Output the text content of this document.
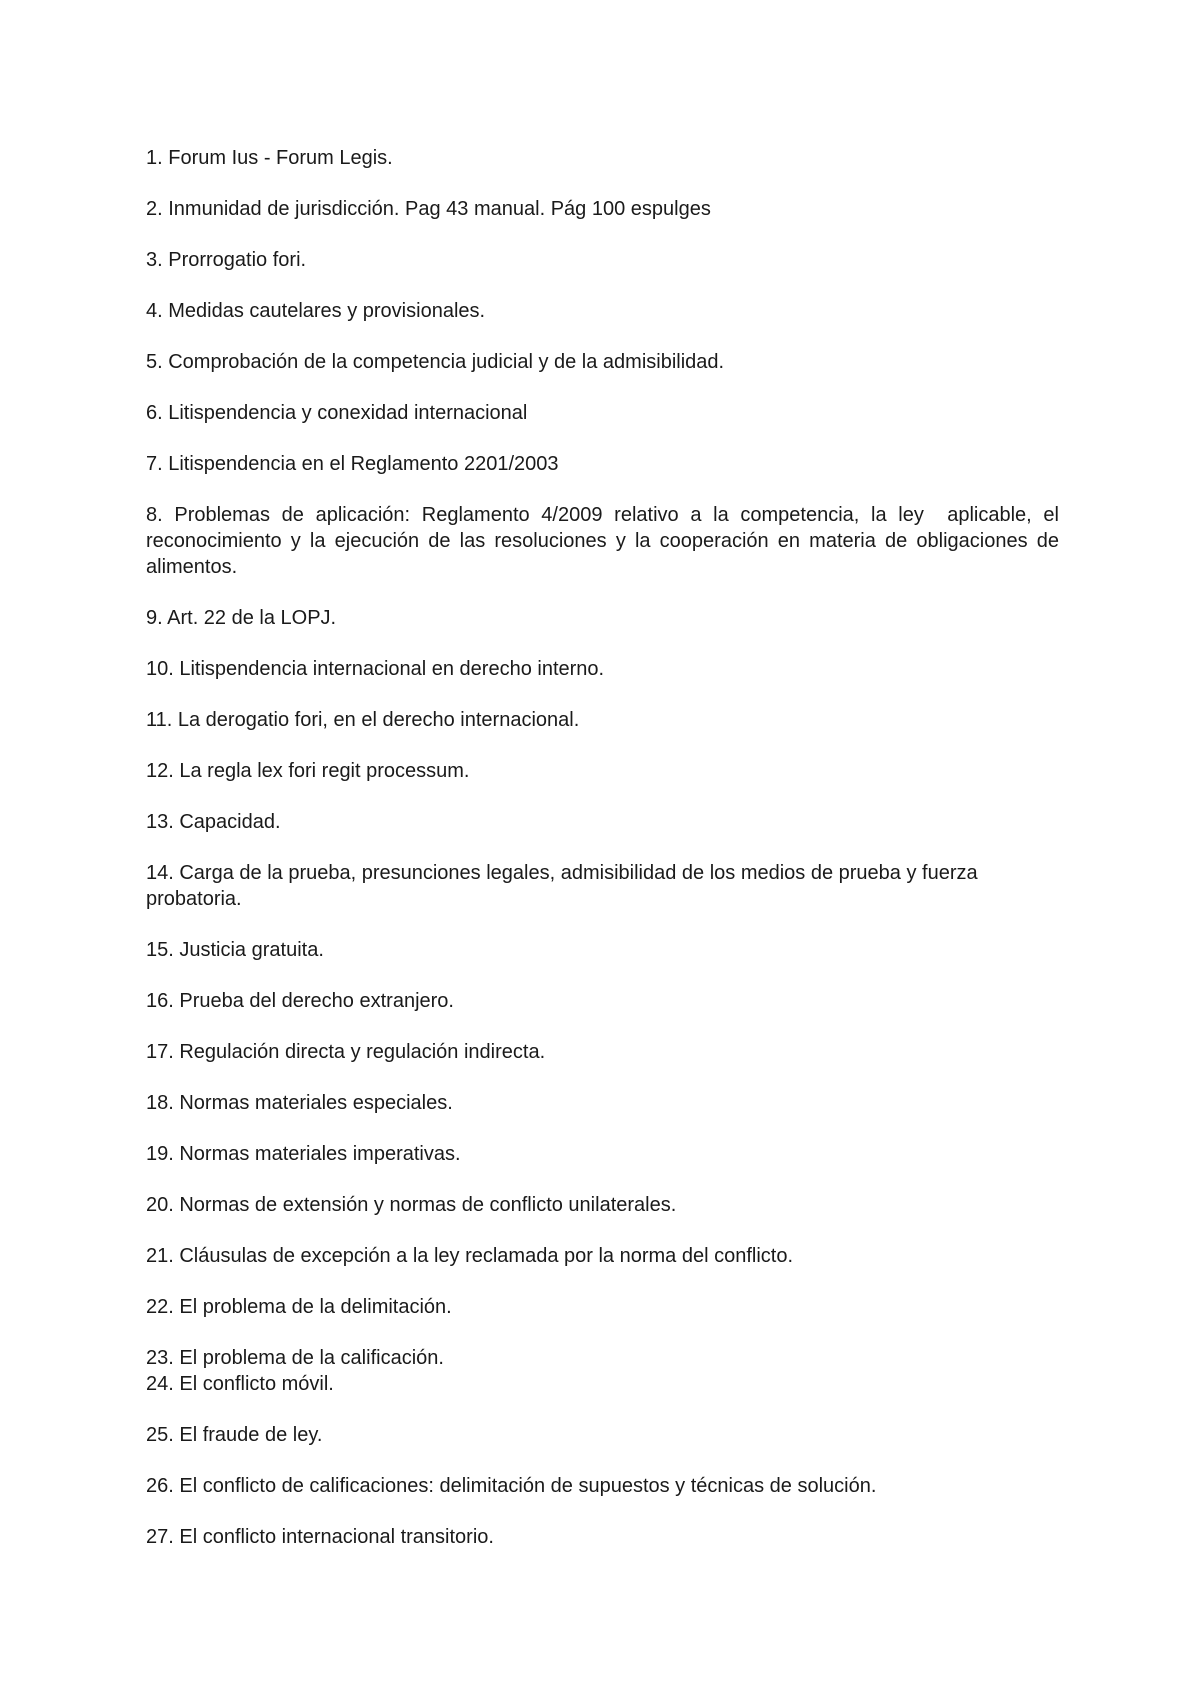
1. Forum Ius - Forum Legis.

2. Inmunidad de jurisdicción. Pag 43 manual. Pág 100 espulges

3. Prorrogatio fori.

4. Medidas cautelares y provisionales.

5. Comprobación de la competencia judicial y de la admisibilidad.

6. Litispendencia y conexidad internacional

7. Litispendencia en el Reglamento 2201/2003

8. Problemas de aplicación: Reglamento 4/2009 relativo a la competencia, la ley  aplicable, el reconocimiento y la ejecución de las resoluciones y la cooperación en materia de obligaciones de alimentos.

9. Art. 22 de la LOPJ.

10. Litispendencia internacional en derecho interno.

11. La derogatio fori, en el derecho internacional.

12. La regla lex fori regit processum.

13. Capacidad.

14. Carga de la prueba, presunciones legales, admisibilidad de los medios de prueba y fuerza probatoria.

15. Justicia gratuita.

16. Prueba del derecho extranjero.

17. Regulación directa y regulación indirecta.

18. Normas materiales especiales.

19. Normas materiales imperativas.

20. Normas de extensión y normas de conflicto unilaterales.

21. Cláusulas de excepción a la ley reclamada por la norma del conflicto.

22. El problema de la delimitación.

23. El problema de la calificación.

24. El conflicto móvil.

25. El fraude de ley.

26. El conflicto de calificaciones: delimitación de supuestos y técnicas de solución.

27. El conflicto internacional transitorio.
